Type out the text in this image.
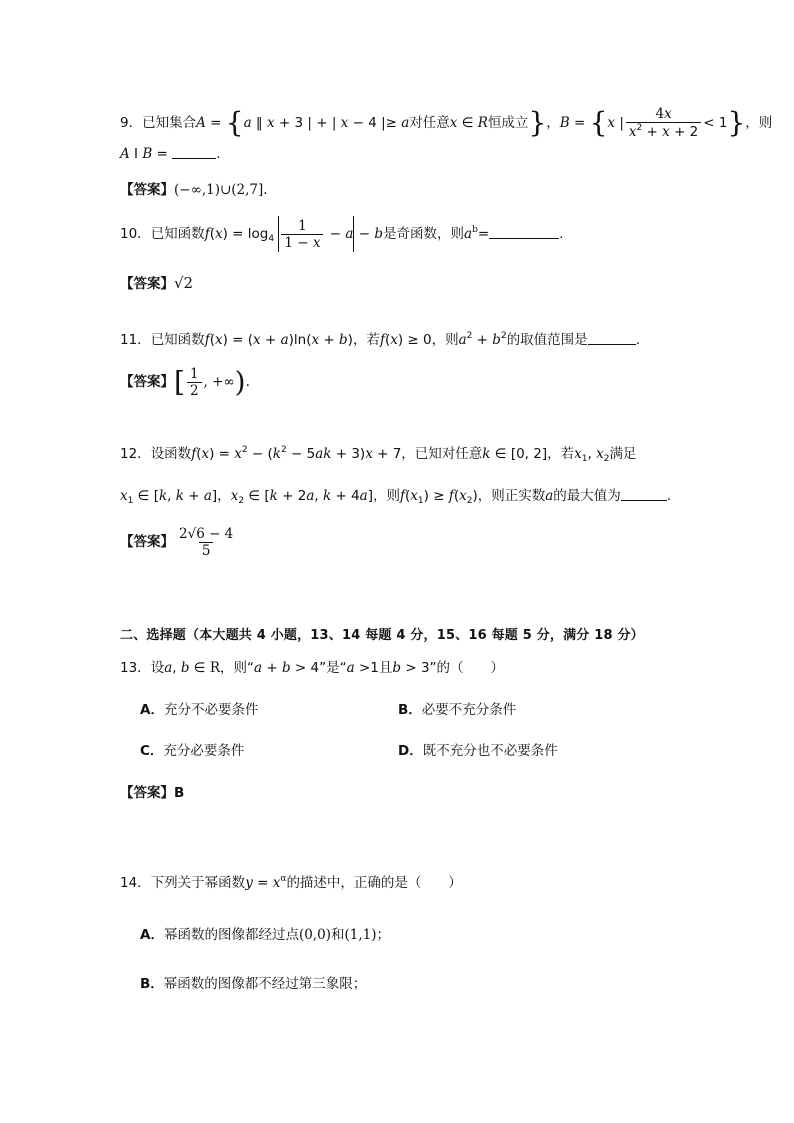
9．已知集合A = {a ‖ x + 3 | + | x − 4 |≥ a对任意x ∈ R恒成立}，B = {x | $\frac{4x}{x^2 + x + 2} < 1$}，则
A I B =	.
【答案】(−∞,1)∪(2,7].
10．已知函数$f(x) = \log_4 \frac{1}{1 - x} - a - b$是奇函数，则$a^b=$	.
【答案】√2
11．已知函数f(x) = (x + a)ln(x + b)，若f(x) ≥ 0，则$a^2 + b^2$的取值范围是	.
【答案】[ $\frac{1}{2}$ , +∞).
12．设函数$f(x) = x^2 - (k^2 - 5ak + 3)x + 7$，已知对任意k ∈ [0, 2]，若$x_1$, $x_2$满足
$x_1$ ∈ [k, k + a]，$x_2$ ∈ [k + 2a, k + 4a]，则$f(x_1) \ge f(x_2)$，则正实数a的最大值为	.
【答案】 $\frac{2√6 - 4}{5}$
二、选择题（本大题共 4 小题，13、14 每题 4 分，15、16 每题 5 分，满分 18 分）
13．设a, b ∈ R，则“a + b > 4”是“a >1且b > 3”的（　　）
A．充分不必要条件	B．必要不充分条件
C．充分必要条件	D．既不充分也不必要条件
【答案】B
14．下列关于幂函数$y = x^\alpha$的描述中，正确的是（　　）
A．幂函数的图像都经过点(0,0)和(1,1)；
B．幂函数的图像都不经过第三象限；
